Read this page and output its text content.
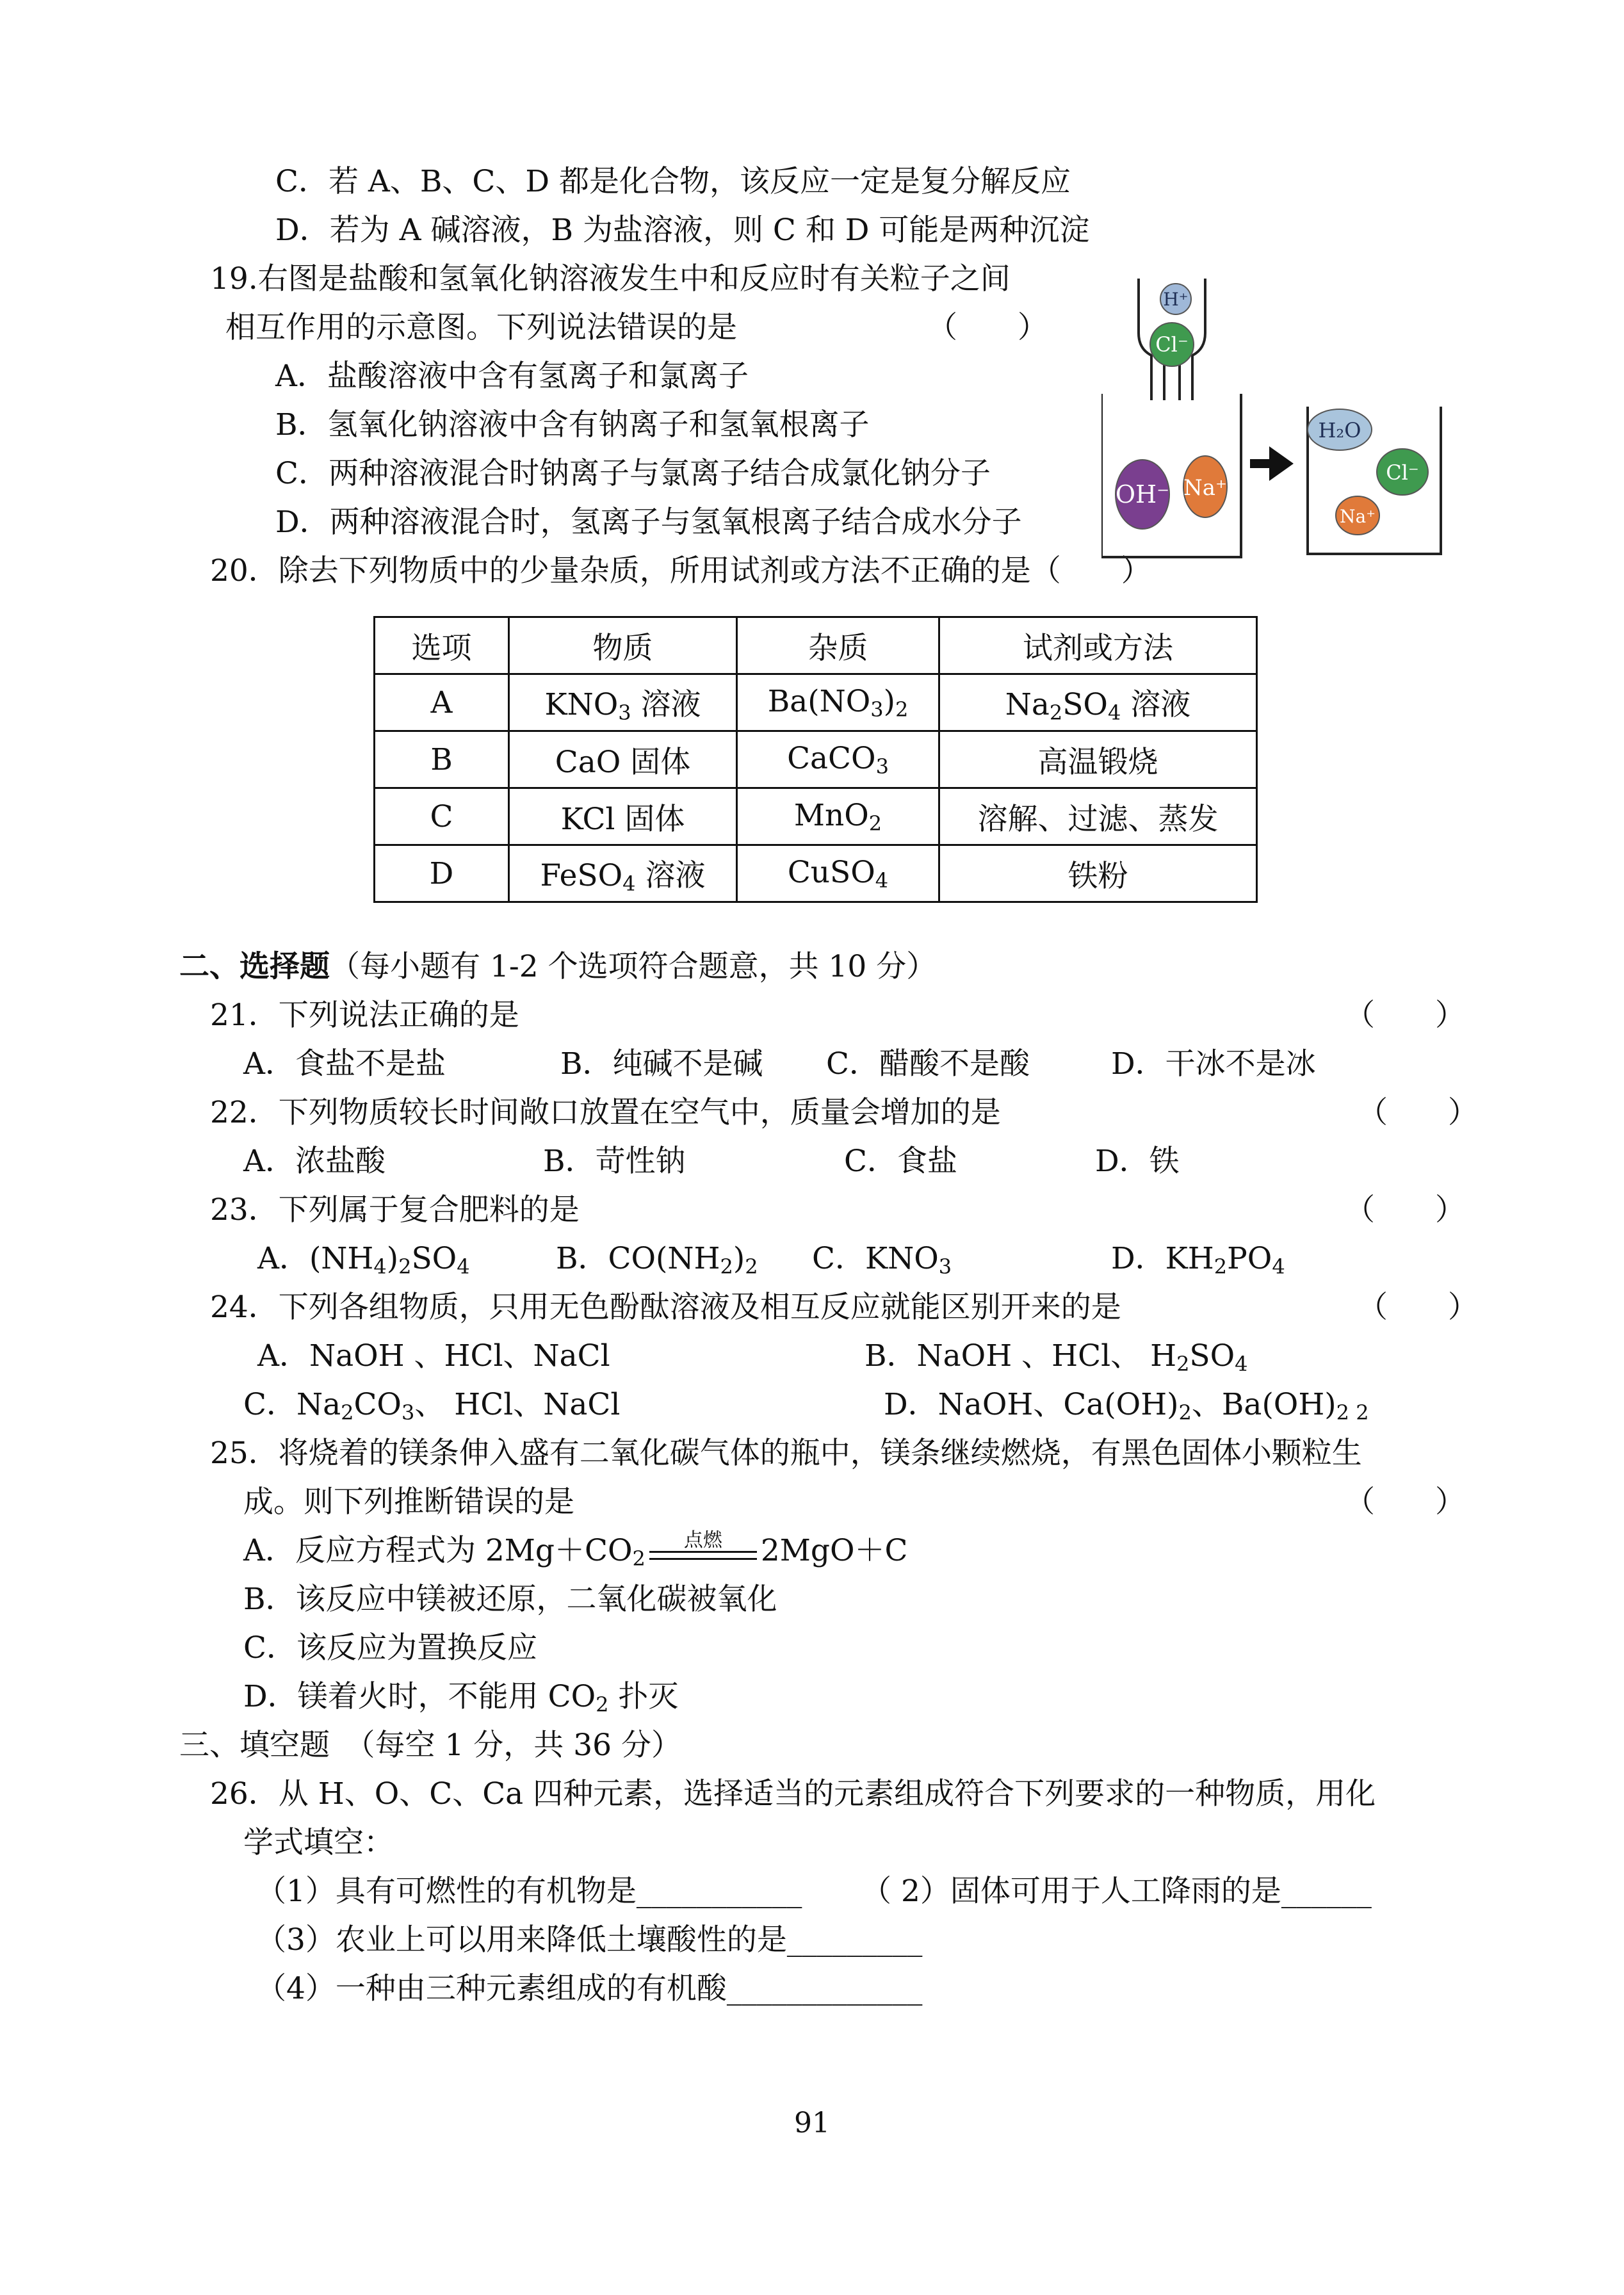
C．若 A、B、C、D 都是化合物，该反应一定是复分解反应
D．若为 A 碱溶液，B 为盐溶液，则 C 和 D 可能是两种沉淀
19.右图是盐酸和氢氧化钠溶液发生中和反应时有关粒子之间
相互作用的示意图。下列说法错误的是	（　　）
A．盐酸溶液中含有氢离子和氯离子
B．氢氧化钠溶液中含有钠离子和氢氧根离子
C．两种溶液混合时钠离子与氯离子结合成氯化钠分子
D．两种溶液混合时，氢离子与氢氧根离子结合成水分子
20．除去下列物质中的少量杂质，所用试剂或方法不正确的是（　　）
二、选择题（每小题有 1-2 个选项符合题意，共 10 分）
21．下列说法正确的是	（　　）
A．食盐不是盐	B．纯碱不是碱 C．醋酸不是酸	D．干冰不是冰
22．下列物质较长时间敞口放置在空气中，质量会增加的是	（　　）
A．浓盐酸	B．苛性钠	C．食盐	D．铁
23．下列属于复合肥料的是	（　　）
A．$(NH_4)_2SO_4$	B．$CO(NH_2)_2$ C．$KNO_3$	D．$KH_2PO_4$
24．下列各组物质，只用无色酚酞溶液及相互反应就能区别开来的是	（　　）
A．NaOH 、HCl、NaCl	B．NaOH 、HCl、 $H_2SO_4$
C．$Na_2CO_3$、 HCl、NaCl	D．NaOH、$Ca(OH)_2$、$Ba(OH)_{2 2}$
25．将烧着的镁条伸入盛有二氧化碳气体的瓶中，镁条继续燃烧，有黑色固体小颗粒生
成。则下列推断错误的是	（　　）
A．反应方程式为 $2Mg+CO_2$
点燃	2MgO＋C
B．该反应中镁被还原，二氧化碳被氧化
C．该反应为置换反应
D．镁着火时，不能用 $CO_2$ 扑灭
三、填空题　（每空 1 分，共 36 分）
26．从 H、O、C、Ca 四种元素，选择适当的元素组成符合下列要求的一种物质，用化
学式填空：
（1）具有可燃性的有机物是___________ （ 2）固体可用于人工降雨的是______
（3）农业上可以用来降低土壤酸性的是_________
（4）一种由三种元素组成的有机酸_____________
选项	物质	杂质	试剂或方法
A	$KNO_3$ 溶液	$Ba(NO_3)_2$	$Na_2SO_4$ 溶液
B	CaO 固体	CaCO$_3$	高温锻烧
C	KCl 固体	MnO$_2$	溶解、过滤、蒸发
D	FeSO$_4$ 溶液	CuSO$_4$	铁粉
H⁺
Cl⁻
OH⁻ Na⁺
H₂O
Cl⁻
Na⁺
91
